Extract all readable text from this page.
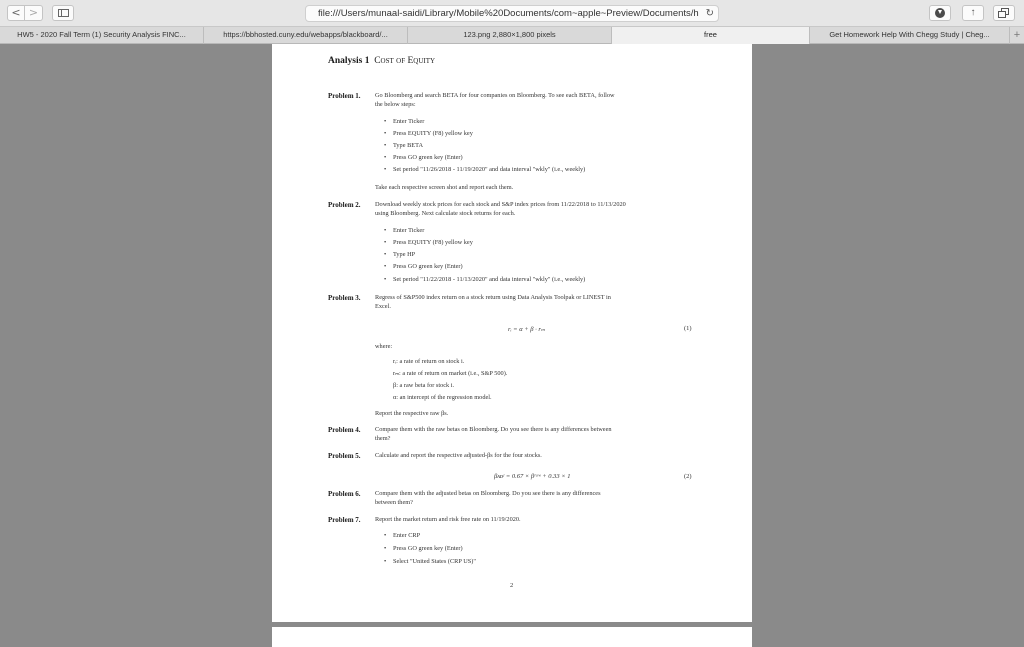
< >	file:///Users/munaal-saidi/Library/Mobile%20Documents/com~apple~Preview/Documents/h ↻	↑
HW5 - 2020 Fall Term (1) Security Analysis FINC...	https://bbhosted.cuny.edu/webapps/blackboard/...	123.png 2,880×1,800 pixels	free	Get Homework Help With Chegg Study | Cheg...	+
Analysis 1 Cost of Equity
Problem 1. Go Bloomberg and search BETA for four companies on Bloomberg. To see each BETA, follow
the below steps:
• Enter Ticker
• Press EQUITY (F8) yellow key
• Type BETA
• Press GO green key (Enter)
• Set period "11/26/2018 - 11/19/2020" and data interval "wkly" (i.e., weekly)
Take each respective screen shot and report each them.
Problem 2. Download weekly stock prices for each stock and S&P index prices from 11/22/2018 to 11/13/2020
using Bloomberg. Next calculate stock returns for each.
• Enter Ticker
• Press EQUITY (F8) yellow key
• Type HP
• Press GO green key (Enter)
• Set period "11/22/2018 - 11/13/2020" and data interval "wkly" (i.e., weekly)
Problem 3. Regress of S&P500 index return on a stock return using Data Analysis Toolpak or LINEST in
Excel.
rᵢ = α + β · rₘ	(1)
where:
rᵢ: a rate of return on stock i.
rₘ: a rate of return on market (i.e., S&P 500).
β: a raw beta for stock i.
α: an intercept of the regression model.
Report the respective raw βs.
Problem 4. Compare them with the raw betas on Bloomberg. Do you see there is any differences between
them?
Problem 5. Calculate and report the respective adjusted-βs for the four stocks.
βᴀᴅʲ = 0.67 × βʳᵃʷ + 0.33 × 1	(2)
Problem 6. Compare them with the adjusted betas on Bloomberg. Do you see there is any differences
between them?
Problem 7. Report the market return and risk free rate on 11/19/2020.
• Enter CRP
• Press GO green key (Enter)
• Select "United States (CRP US)"
2
